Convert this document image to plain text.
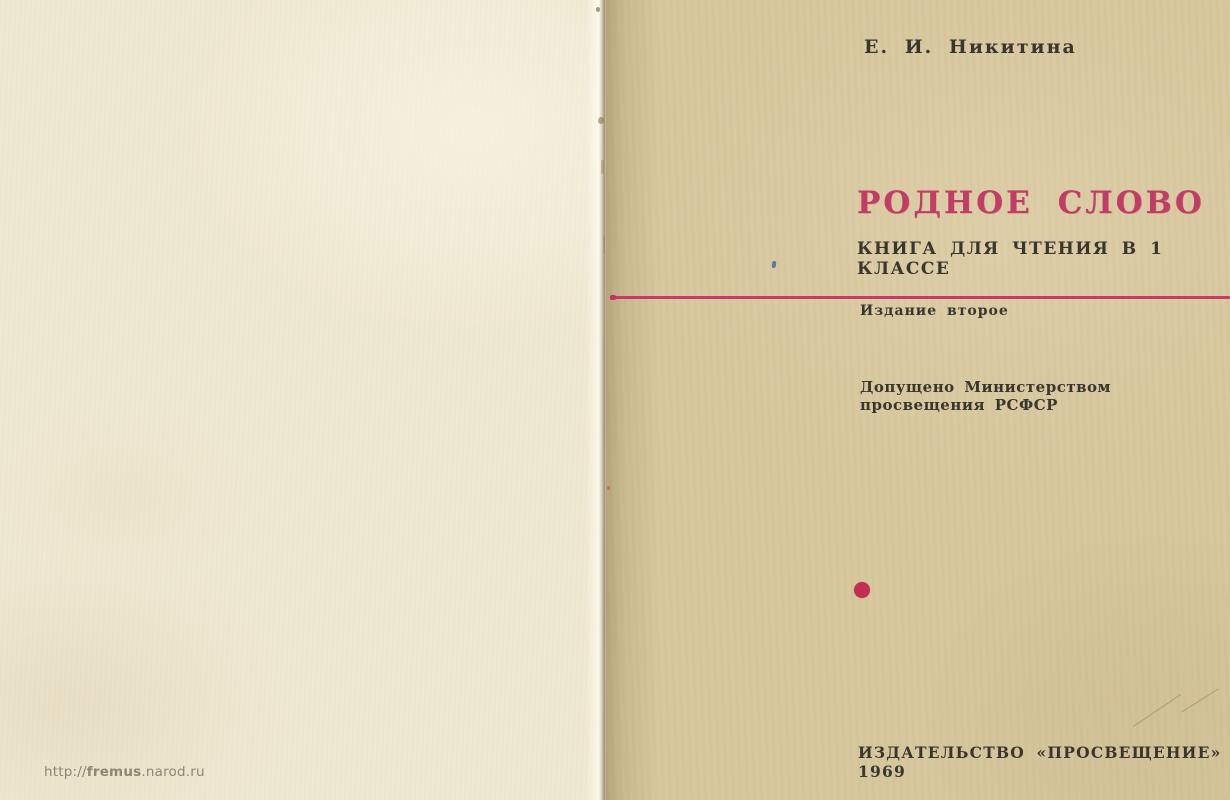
Е. И. Никитина
РОДНОЕ СЛОВО
КНИГА ДЛЯ ЧТЕНИЯ В 1 КЛАССЕ
Издание второе
Допущено Министерством просвещения РСФСР
ИЗДАТЕЛЬСТВО «ПРОСВЕЩЕНИЕ» 1969
http://fremus.narod.ru
